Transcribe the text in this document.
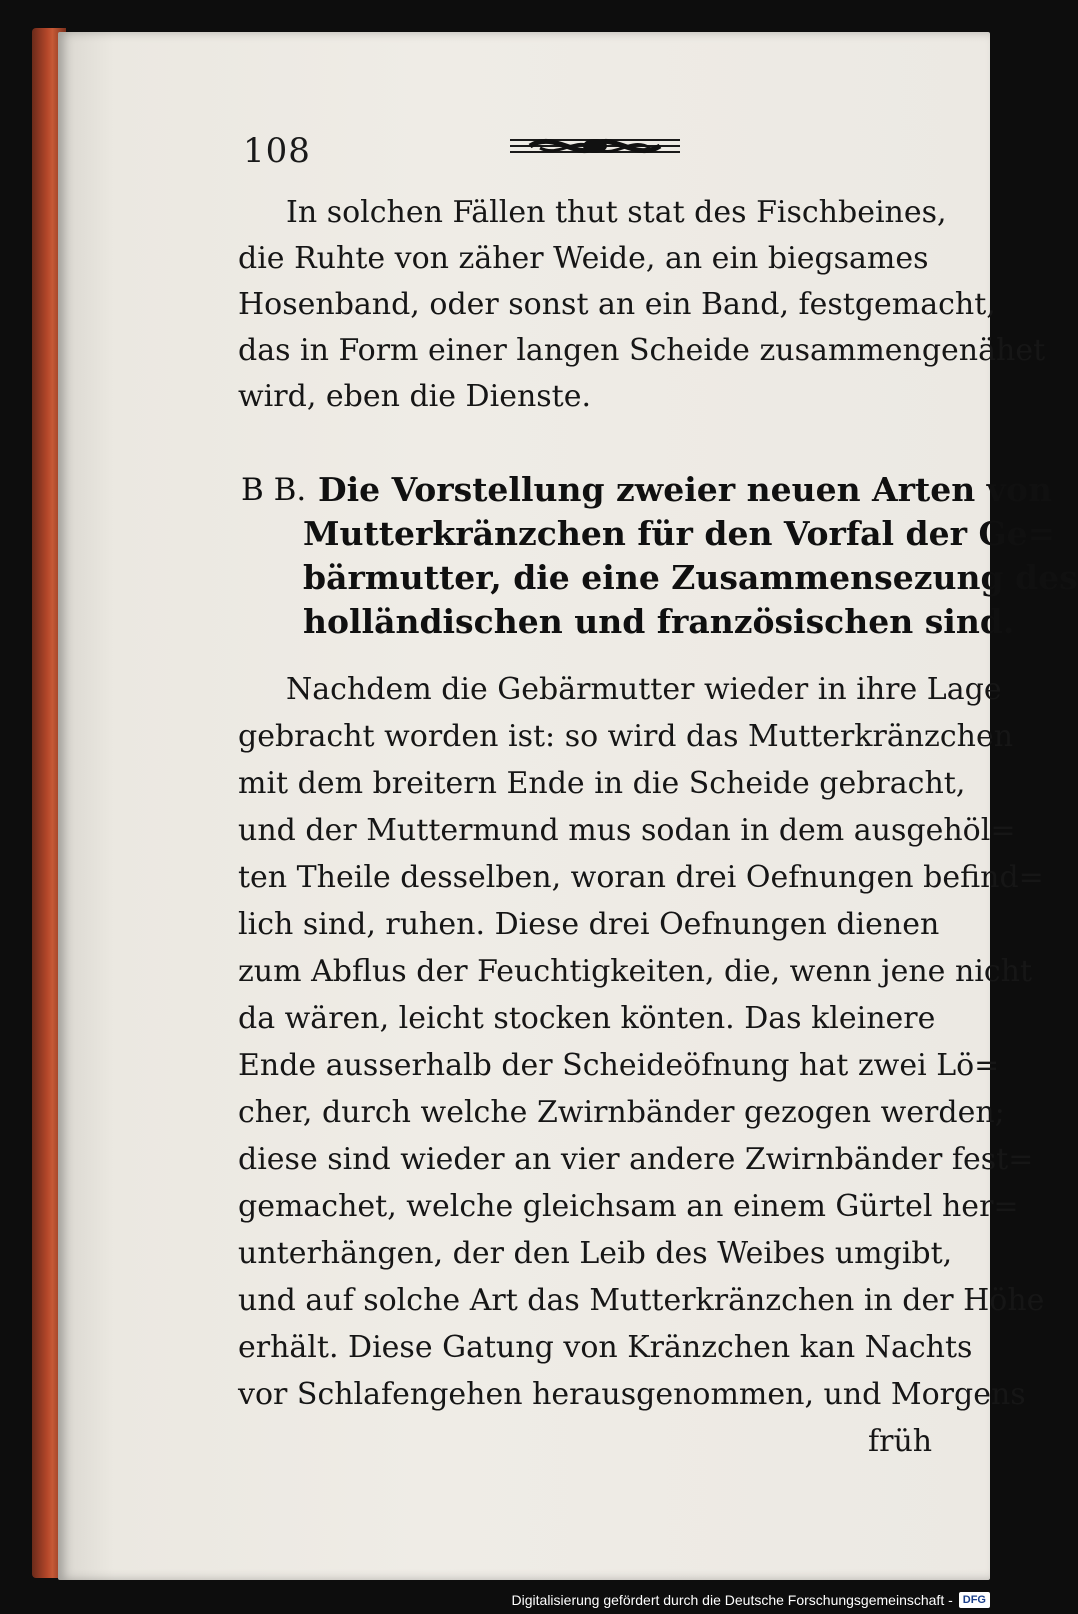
108
In solchen Fällen thut stat des Fischbeines,
die Ruhte von zäher Weide, an ein biegsames
Hosenband, oder sonst an ein Band, festgemacht,
das in Form einer langen Scheide zusammengenähet
wird, eben die Dienste.
B B. Die Vorstellung zweier neuen Arten von
Mutterkränzchen für den Vorfal der Ge=
bärmutter, die eine Zusammensezung des
holländischen und französischen sind.
Nachdem die Gebärmutter wieder in ihre Lage
gebracht worden ist: so wird das Mutterkränzchen
mit dem breitern Ende in die Scheide gebracht,
und der Muttermund mus sodan in dem ausgehöl=
ten Theile desselben, woran drei Oefnungen befind=
lich sind, ruhen. Diese drei Oefnungen dienen
zum Abflus der Feuchtigkeiten, die, wenn jene nicht
da wären, leicht stocken könten. Das kleinere
Ende ausserhalb der Scheideöfnung hat zwei Lö=
cher, durch welche Zwirnbänder gezogen werden;
diese sind wieder an vier andere Zwirnbänder fest=
gemachet, welche gleichsam an einem Gürtel her=
unterhängen, der den Leib des Weibes umgibt,
und auf solche Art das Mutterkränzchen in der Höhe
erhält. Diese Gatung von Kränzchen kan Nachts
vor Schlafengehen herausgenommen, und Morgens
früh
Digitalisierung gefördert durch die Deutsche Forschungsgemeinschaft - DFG
